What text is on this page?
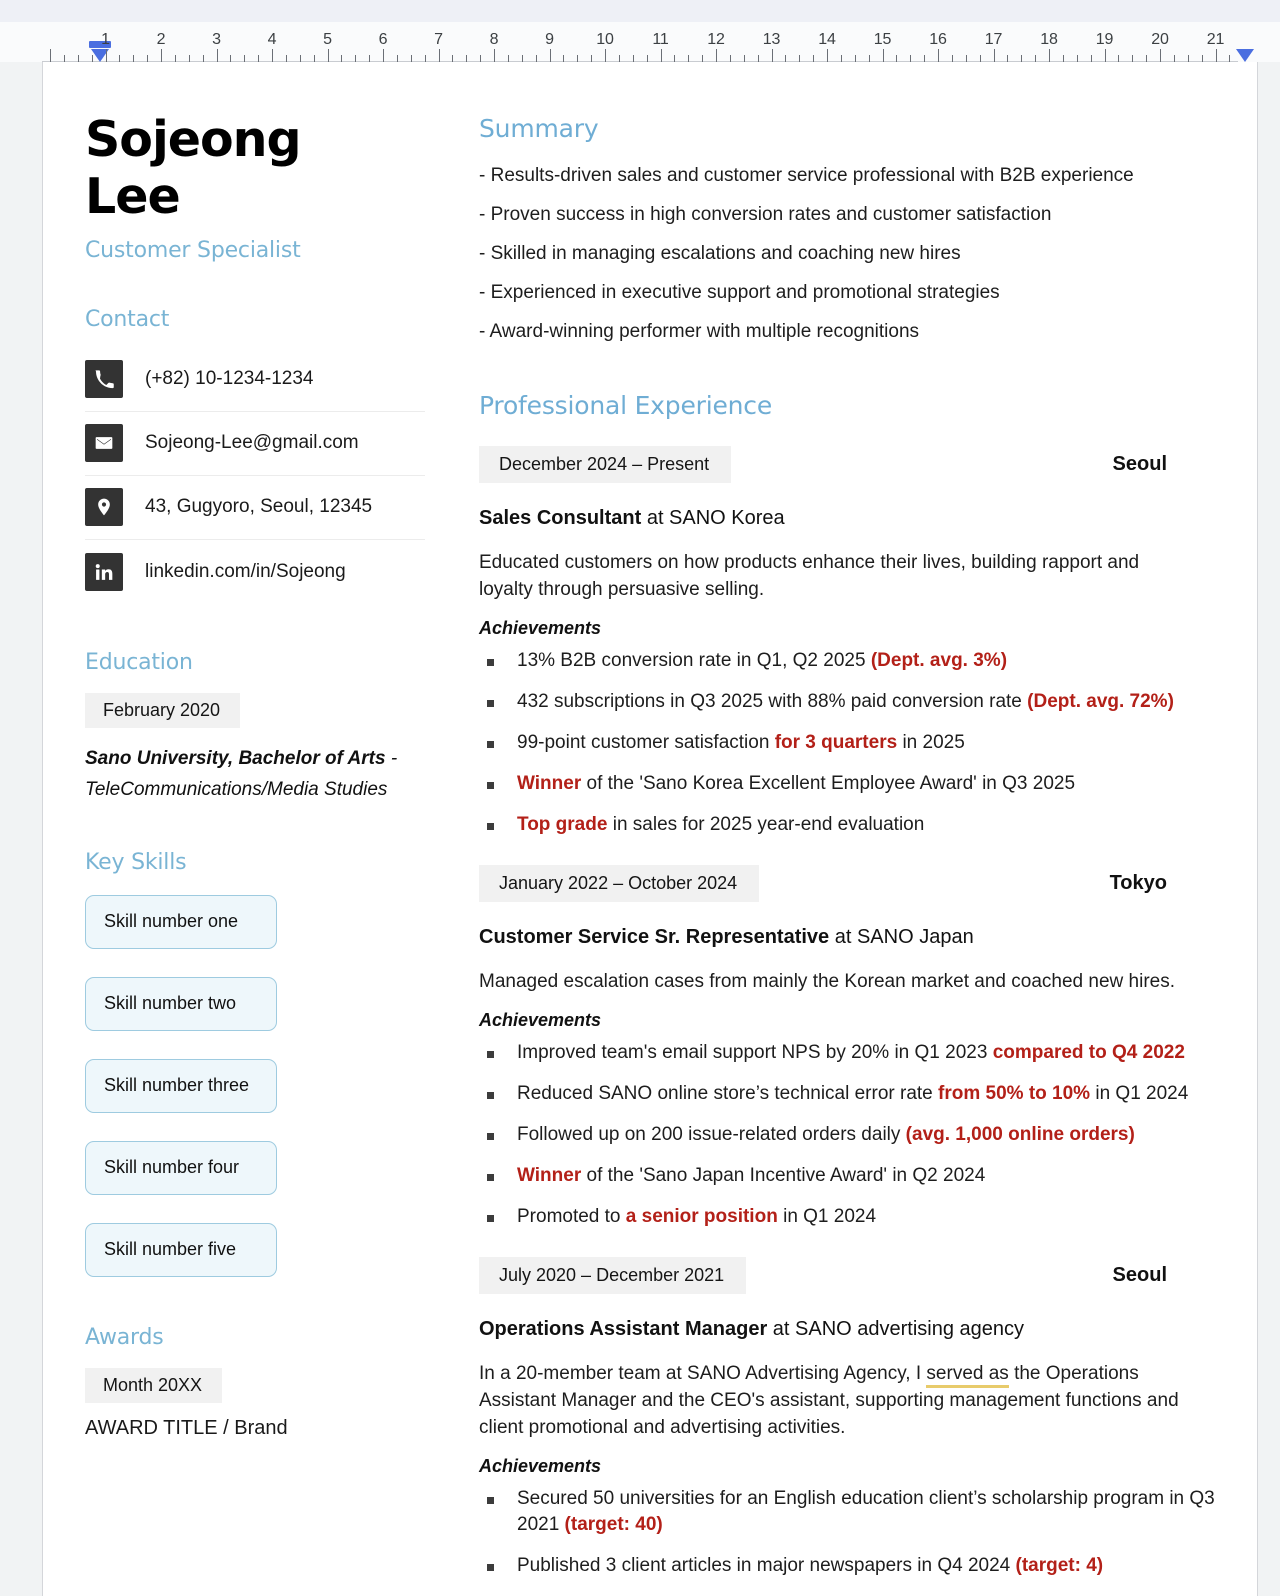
1	2	3	4	5	6	7	8	9	10 11 12 13 14 15 16 17 18 19 20 21
Sojeong
Lee
Customer Specialist
Contact
(+82) 10-1234-1234
Sojeong-Lee@gmail.com
43, Gugyoro, Seoul, 12345
linkedin.com/in/Sojeong
Education
February 2020
Sano University, Bachelor of Arts - TeleCommunications/Media Studies
Key Skills
Skill number one
Skill number two
Skill number three
Skill number four
Skill number five
Awards
Month 20XX
AWARD TITLE / Brand
Summary
- Results-driven sales and customer service professional with B2B experience
- Proven success in high conversion rates and customer satisfaction
- Skilled in managing escalations and coaching new hires
- Experienced in executive support and promotional strategies
- Award-winning performer with multiple recognitions
Professional Experience
December 2024 – Present	Seoul
Sales Consultant at SANO Korea
Educated customers on how products enhance their lives, building rapport and loyalty through persuasive selling.
Achievements
13% B2B conversion rate in Q1, Q2 2025 (Dept. avg. 3%)
432 subscriptions in Q3 2025 with 88% paid conversion rate (Dept. avg. 72%)
99-point customer satisfaction for 3 quarters in 2025
Winner of the 'Sano Korea Excellent Employee Award' in Q3 2025
Top grade in sales for 2025 year-end evaluation
January 2022 – October 2024	Tokyo
Customer Service Sr. Representative at SANO Japan
Managed escalation cases from mainly the Korean market and coached new hires.
Achievements
Improved team's email support NPS by 20% in Q1 2023 compared to Q4 2022
Reduced SANO online store’s technical error rate from 50% to 10% in Q1 2024
Followed up on 200 issue-related orders daily (avg. 1,000 online orders)
Winner of the 'Sano Japan Incentive Award' in Q2 2024
Promoted to a senior position in Q1 2024
July 2020 – December 2021	Seoul
Operations Assistant Manager at SANO advertising agency
In a 20-member team at SANO Advertising Agency, I served as the Operations Assistant Manager and the CEO's assistant, supporting management functions and client promotional and advertising activities.
Achievements
Secured 50 universities for an English education client’s scholarship program in Q3 2021 (target: 40)
Published 3 client articles in major newspapers in Q4 2024 (target: 4)
